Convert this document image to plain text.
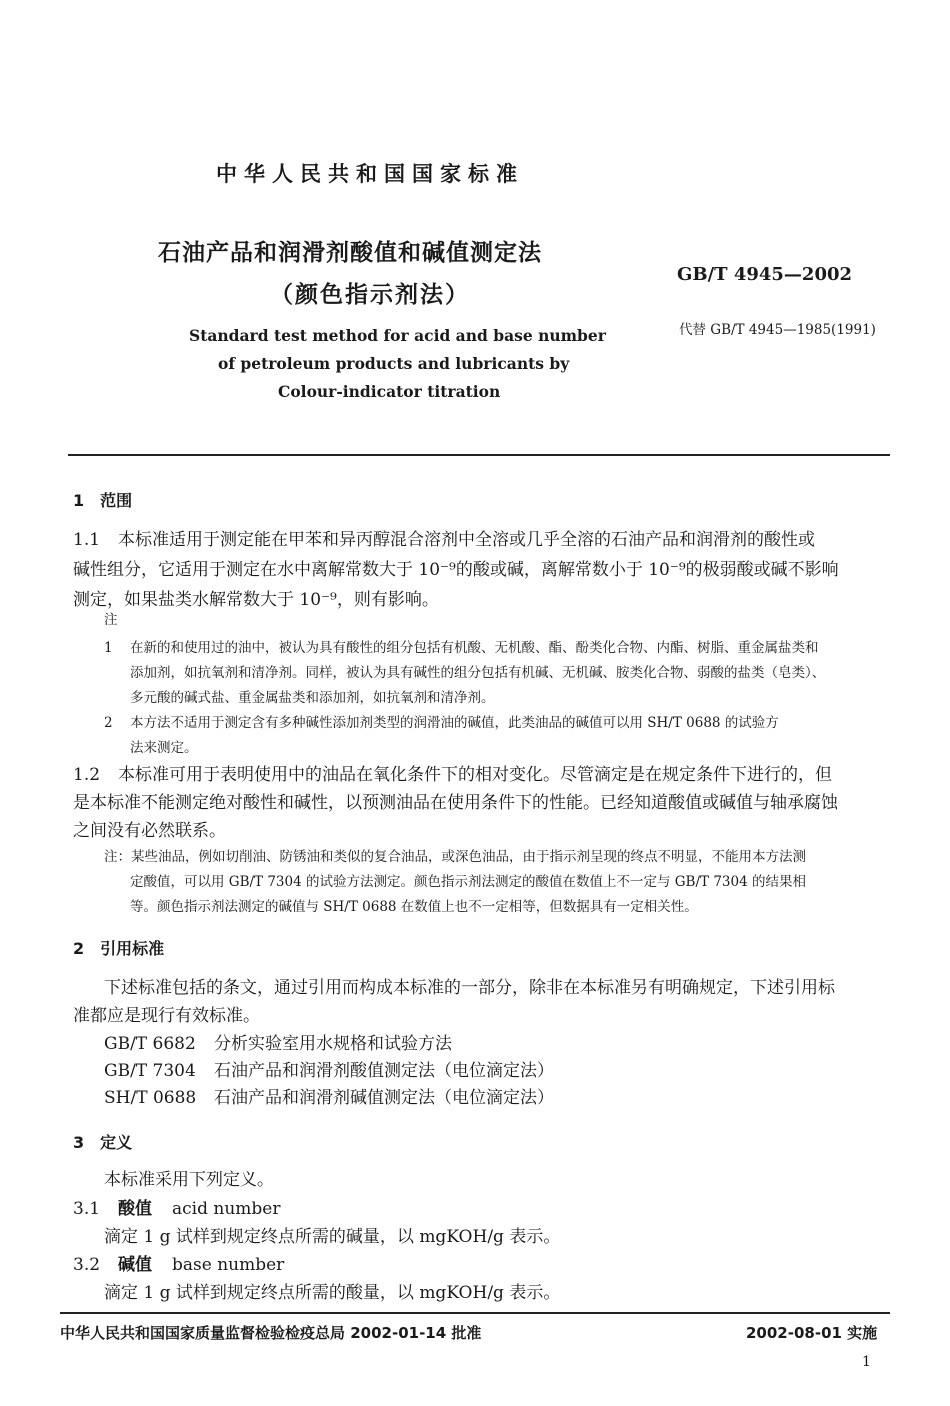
中华人民共和国国家标准
石油产品和润滑剂酸值和碱值测定法
（颜色指示剂法）
GB/T 4945—2002
Standard test method for acid and base number
of petroleum products and lubricants by
Colour-indicator titration
代替 GB/T 4945—1985(1991)
1　范围
1.1 本标准适用于测定能在甲苯和异丙醇混合溶剂中全溶或几乎全溶的石油产品和润滑剂的酸性或
碱性组分，它适用于测定在水中离解常数大于 10⁻⁹的酸或碱，离解常数小于 10⁻⁹的极弱酸或碱不影响
测定，如果盐类水解常数大于 10⁻⁹，则有影响。
注
1 在新的和使用过的油中，被认为具有酸性的组分包括有机酸、无机酸、酯、酚类化合物、内酯、树脂、重金属盐类和
添加剂，如抗氧剂和清净剂。同样，被认为具有碱性的组分包括有机碱、无机碱、胺类化合物、弱酸的盐类（皂类）、
多元酸的碱式盐、重金属盐类和添加剂，如抗氧剂和清净剂。
2 本方法不适用于测定含有多种碱性添加剂类型的润滑油的碱值，此类油品的碱值可以用 SH/T 0688 的试验方
法来测定。
1.2 本标准可用于表明使用中的油品在氧化条件下的相对变化。尽管滴定是在规定条件下进行的，但
是本标准不能测定绝对酸性和碱性，以预测油品在使用条件下的性能。已经知道酸值或碱值与轴承腐蚀
之间没有必然联系。
注：某些油品，例如切削油、防锈油和类似的复合油品，或深色油品，由于指示剂呈现的终点不明显，不能用本方法测
定酸值，可以用 GB/T 7304 的试验方法测定。颜色指示剂法测定的酸值在数值上不一定与 GB/T 7304 的结果相
等。颜色指示剂法测定的碱值与 SH/T 0688 在数值上也不一定相等，但数据具有一定相关性。
2　引用标准
下述标准包括的条文，通过引用而构成本标准的一部分，除非在本标准另有明确规定，下述引用标
准都应是现行有效标准。
GB/T 6682 分析实验室用水规格和试验方法
GB/T 7304 石油产品和润滑剂酸值测定法（电位滴定法）
SH/T 0688 石油产品和润滑剂碱值测定法（电位滴定法）
3　定义
本标准采用下列定义。
3.1 酸值 acid number
滴定 1 g 试样到规定终点所需的碱量，以 mgKOH/g 表示。
3.2 碱值 base number
滴定 1 g 试样到规定终点所需的酸量，以 mgKOH/g 表示。
中华人民共和国国家质量监督检验检疫总局 2002-01-14 批准	2002-08-01 实施
1
